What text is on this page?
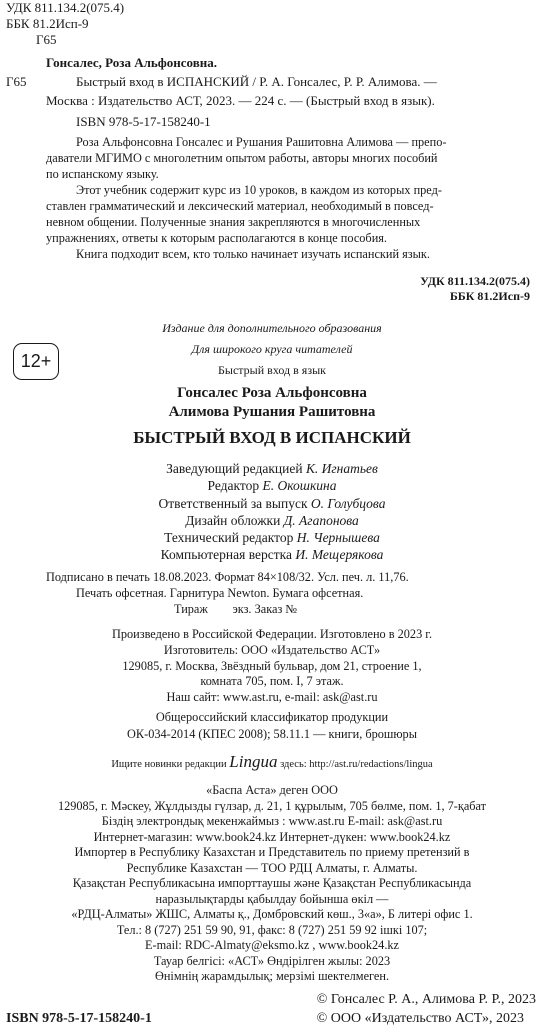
УДК 811.134.2(075.4)
ББК 81.2Исп-9
Г65
Гонсалес, Роза Альфонсовна.
Г65	Быстрый вход в ИСПАНСКИЙ / Р. А. Гонсалес, Р. Р. Алимова. —
Москва : Издательство АСТ, 2023. — 224 с. — (Быстрый вход в язык).
ISBN 978-5-17-158240-1
Роза Альфонсовна Гонсалес и Рушания Рашитовна Алимова — препо-
даватели МГИМО с многолетним опытом работы, авторы многих пособий
по испанскому языку.
Этот учебник содержит курс из 10 уроков, в каждом из которых пред-
ставлен грамматический и лексический материал, необходимый в повсед-
невном общении. Полученные знания закрепляются в многочисленных
упражнениях, ответы к которым располагаются в конце пособия.
Книга подходит всем, кто только начинает изучать испанский язык.
УДК 811.134.2(075.4)
ББК 81.2Исп-9
12+
Издание для дополнительного образования
Для широкого круга читателей
Быстрый вход в язык
Гонсалес Роза Альфонсовна
Алимова Рушания Рашитовна
БЫСТРЫЙ ВХОД В ИСПАНСКИЙ
Заведующий редакцией К. Игнатьев
Редактор Е. Окошкина
Ответственный за выпуск О. Голубцова
Дизайн обложки Д. Агапонова
Технический редактор Н. Чернышева
Компьютерная верстка И. Мещерякова
Подписано в печать 18.08.2023. Формат 84×108/32. Усл. печ. л. 11,76.
Печать офсетная. Гарнитура Newton. Бумага офсетная.
Тираж        экз. Заказ №
Произведено в Российской Федерации. Изготовлено в 2023 г.
Изготовитель: ООО «Издательство АСТ»
129085, г. Москва, Звёздный бульвар, дом 21, строение 1,
комната 705, пом. I, 7 этаж.
Наш сайт: www.ast.ru, e-mail: ask@ast.ru
Общероссийский классификатор продукции
ОК-034-2014 (КПЕС 2008); 58.11.1 — книги, брошюры
Ищите новинки редакции Lingua здесь: http://ast.ru/redactions/lingua
«Баспа Аста» деген ООО
129085, г. Мәскеу, Жұлдызды гүлзар, д. 21, 1 құрылым, 705 бөлме, пом. 1, 7-қабат
Біздің электрондық мекенжаймыз : www.ast.ru E-mail: ask@ast.ru
Интернет-магазин: www.book24.kz Интернет-дүкен: www.book24.kz
Импортер в Республику Казахстан и Представитель по приему претензий в
Республике Казахстан — ТОО РДЦ Алматы, г. Алматы.
Қазақстан Республикасына импорттаушы және Қазақстан Республикасында
наразылықтарды қабылдау бойынша өкіл —
«РДЦ-Алматы» ЖШС, Алматы қ., Домбровский көш., 3«а», Б литері офис 1.
Тел.: 8 (727) 251 59 90, 91, факс: 8 (727) 251 59 92 ішкі 107;
E-mail: RDC-Almaty@eksmo.kz , www.book24.kz
Тауар белгісі: «АСТ» Өндірілген жылы: 2023
Өнімнің жарамдылық; мерзімі шектелмеген.
© Гонсалес Р. А., Алимова Р. Р., 2023
ISBN 978-5-17-158240-1	© ООО «Издательство АСТ», 2023
